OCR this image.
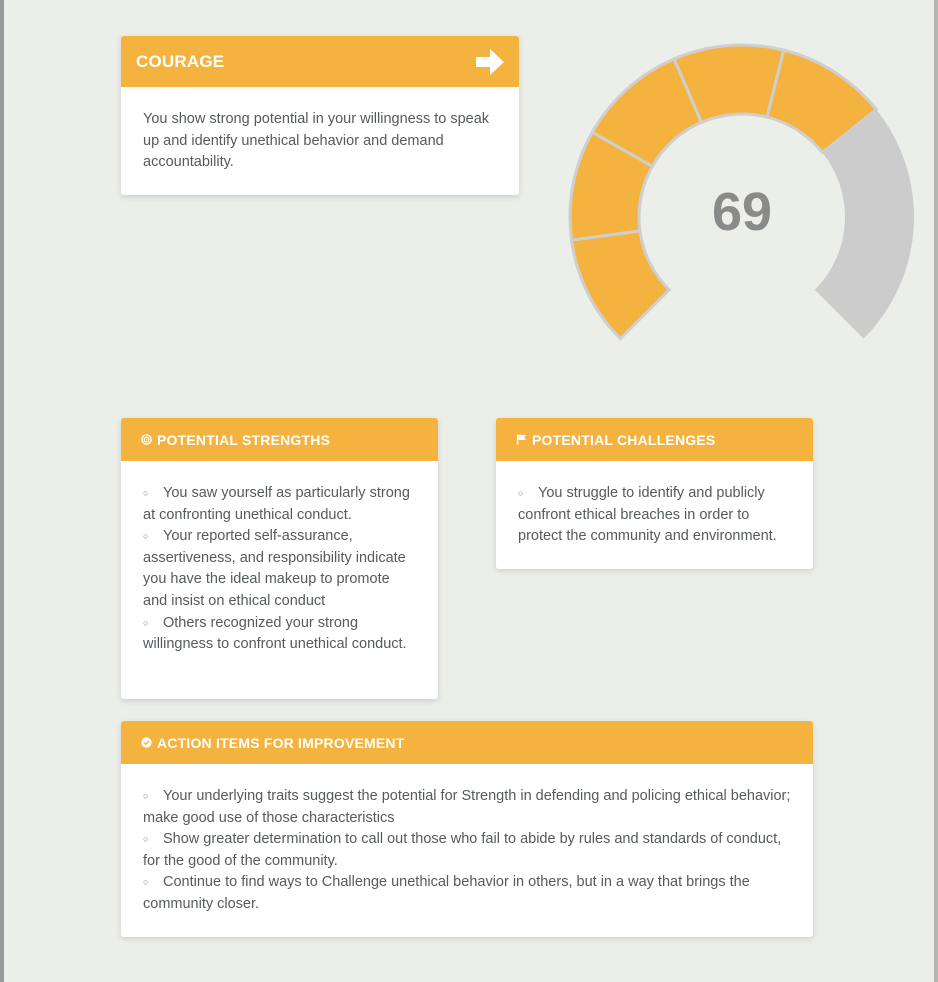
COURAGE

You show strong potential in your willingness to speak up and identify unethical behavior and demand accountability.

69
POTENTIAL STRENGTHS
○ You saw yourself as particularly strong at confronting unethical conduct.
○ Your reported self-assurance, assertiveness, and responsibility indicate you have the ideal makeup to promote and insist on ethical conduct
○ Others recognized your strong willingness to confront unethical conduct.
POTENTIAL CHALLENGES
○ You struggle to identify and publicly confront ethical breaches in order to protect the community and environment.
ACTION ITEMS FOR IMPROVEMENT
○ Your underlying traits suggest the potential for Strength in defending and policing ethical behavior; make good use of those characteristics
○ Show greater determination to call out those who fail to abide by rules and standards of conduct, for the good of the community.
○ Continue to find ways to Challenge unethical behavior in others, but in a way that brings the community closer.
